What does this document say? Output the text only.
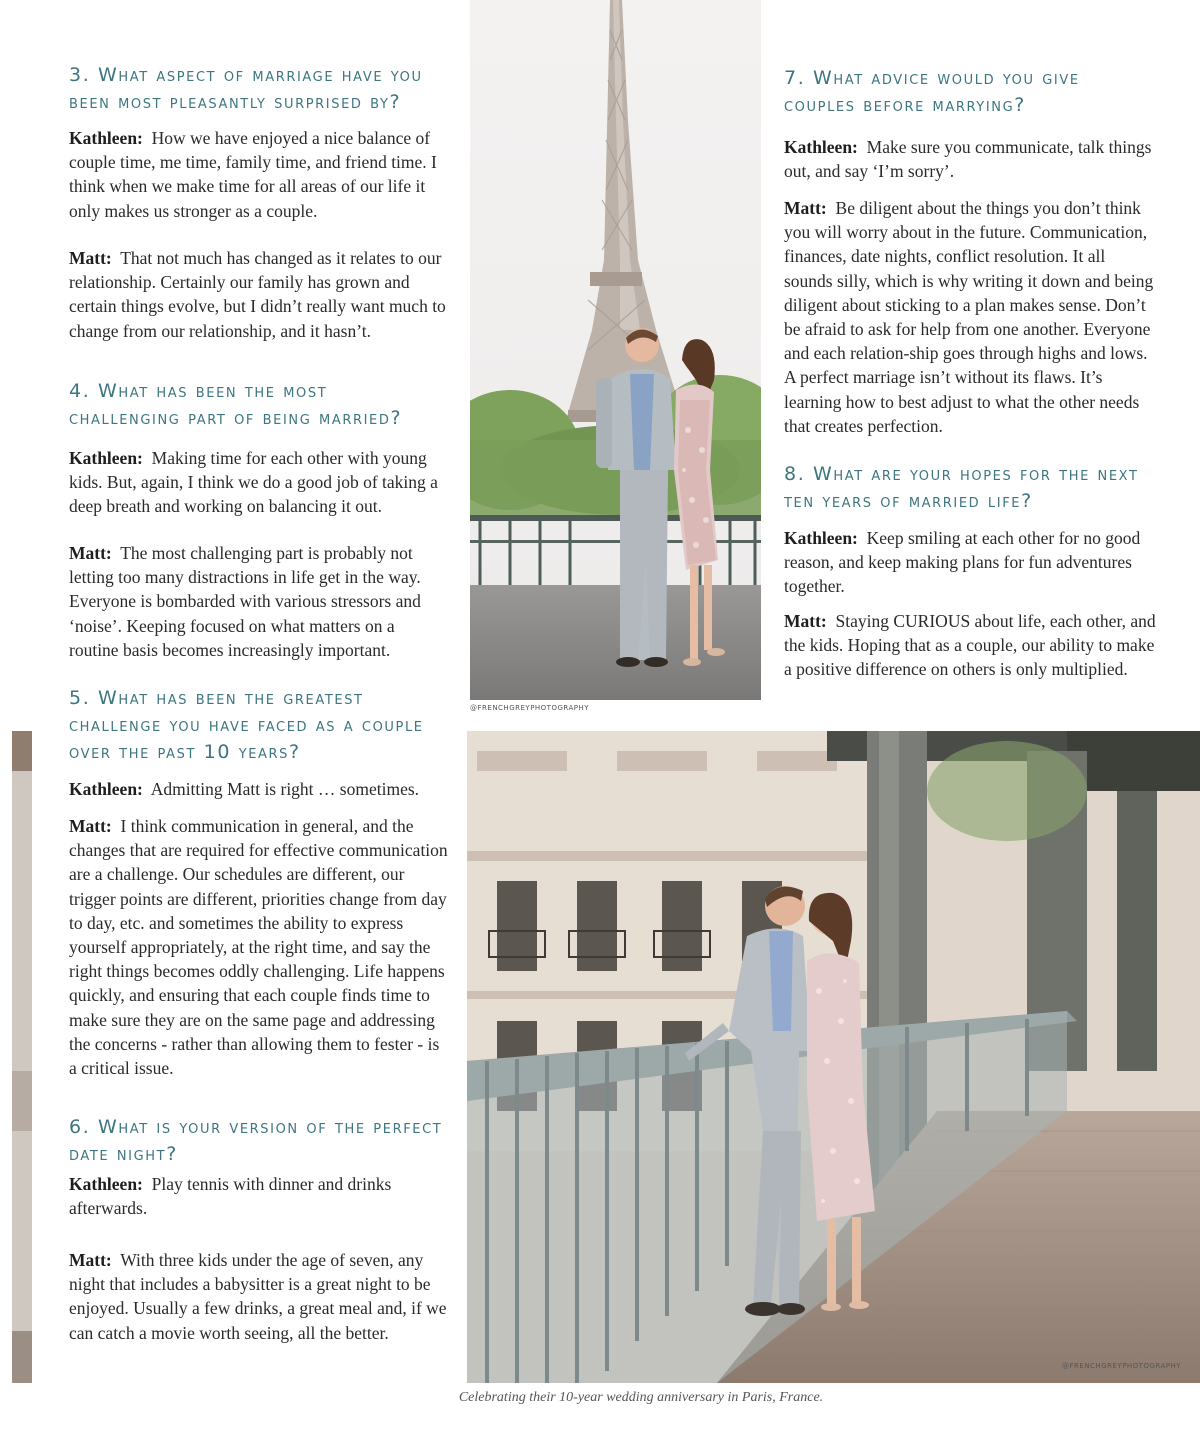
@FRENCHGREYPHOTOGRAPHY
@FRENCHGREYPHOTOGRAPHY
3. What aspect of marriage have you
been most pleasantly surprised by?

Kathleen: How we have enjoyed a nice balance of couple time, me time, family time, and friend time. I think when we make time for all areas of our life it only makes us stronger as a couple.

Matt: That not much has changed as it relates to our relationship. Certainly our family has grown and certain things evolve, but I didn’t really want much to change from our relationship, and it hasn’t.

4. What has been the most
challenging part of being married?

Kathleen: Making time for each other with young kids. But, again, I think we do a good job of taking a deep breath and working on balancing it out.

Matt: The most challenging part is probably not letting too many distractions in life get in the way. Everyone is bombarded with various stressors and ‘noise’. Keeping focused on what matters on a routine basis becomes increasingly important.

5. What has been the greatest
challenge you have faced as a couple
over the past 10 years?

Kathleen: Admitting Matt is right … sometimes.

Matt: I think communication in general, and the changes that are required for effective communication are a challenge. Our schedules are different, our trigger points are different, priorities change from day to day, etc. and sometimes the ability to express yourself appropriately, at the right time, and say the right things becomes oddly challenging. Life happens quickly, and ensuring that each couple finds time to make sure they are on the same page and addressing the concerns - rather than allowing them to fester - is a critical issue.

6. What is your version of the perfect
date night?

Kathleen: Play tennis with dinner and drinks afterwards.

Matt: With three kids under the age of seven, any night that includes a babysitter is a great night to be enjoyed. Usually a few drinks, a great meal and, if we can catch a movie worth seeing, all the better.

7. What advice would you give
couples before marrying?

Kathleen: Make sure you communicate, talk things out, and say ‘I’m sorry’.

Matt: Be diligent about the things you don’t think you will worry about in the future. Communication, finances, date nights, conflict resolution. It all sounds silly, which is why writing it down and being diligent about sticking to a plan makes sense. Don’t be afraid to ask for help from one another. Everyone and each relation-ship goes through highs and lows. A perfect marriage isn’t without its flaws. It’s learning how to best adjust to what the other needs that creates perfection.

8. What are your hopes for the next
ten years of married life?

Kathleen: Keep smiling at each other for no good reason, and keep making plans for fun adventures together.

Matt: Staying CURIOUS about life, each other, and the kids. Hoping that as a couple, our ability to make a positive difference on others is only multiplied.

Celebrating their 10-year wedding anniversary in Paris, France.
